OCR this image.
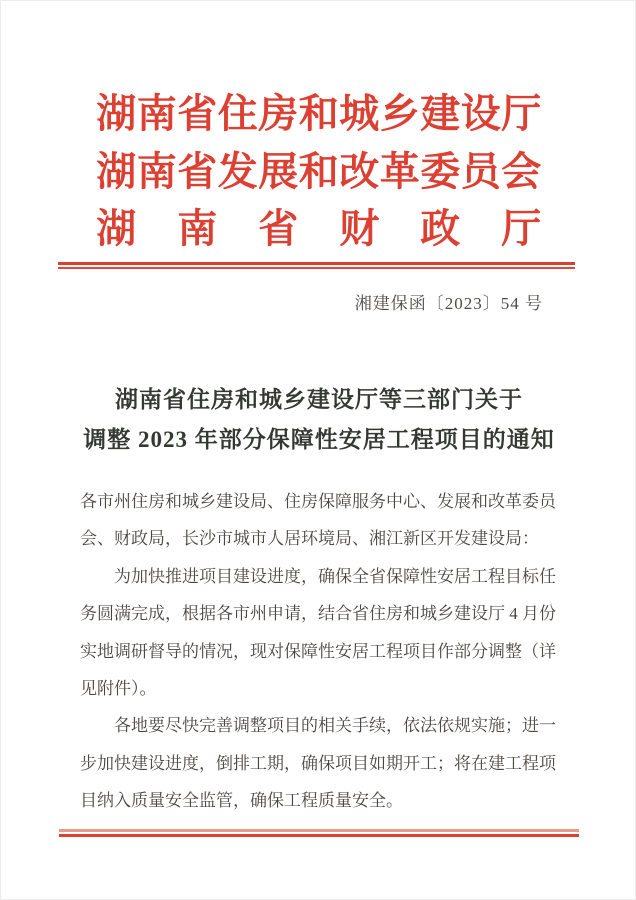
湖南省住房和城乡建设厅
湖南省发展和改革委员会
湖　南　省　财　政　厅
湘建保函〔2023〕54 号
湖南省住房和城乡建设厅等三部门关于
调整 2023 年部分保障性安居工程项目的通知

各市州住房和城乡建设局、住房保障服务中心、发展和改革委员会、财政局，长沙市城市人居环境局、湘江新区开发建设局：

为加快推进项目建设进度，确保全省保障性安居工程目标任务圆满完成，根据各市州申请，结合省住房和城乡建设厅 4 月份实地调研督导的情况，现对保障性安居工程项目作部分调整（详见附件）。

各地要尽快完善调整项目的相关手续，依法依规实施；进一步加快建设进度，倒排工期，确保项目如期开工；将在建工程项目纳入质量安全监管，确保工程质量安全。
